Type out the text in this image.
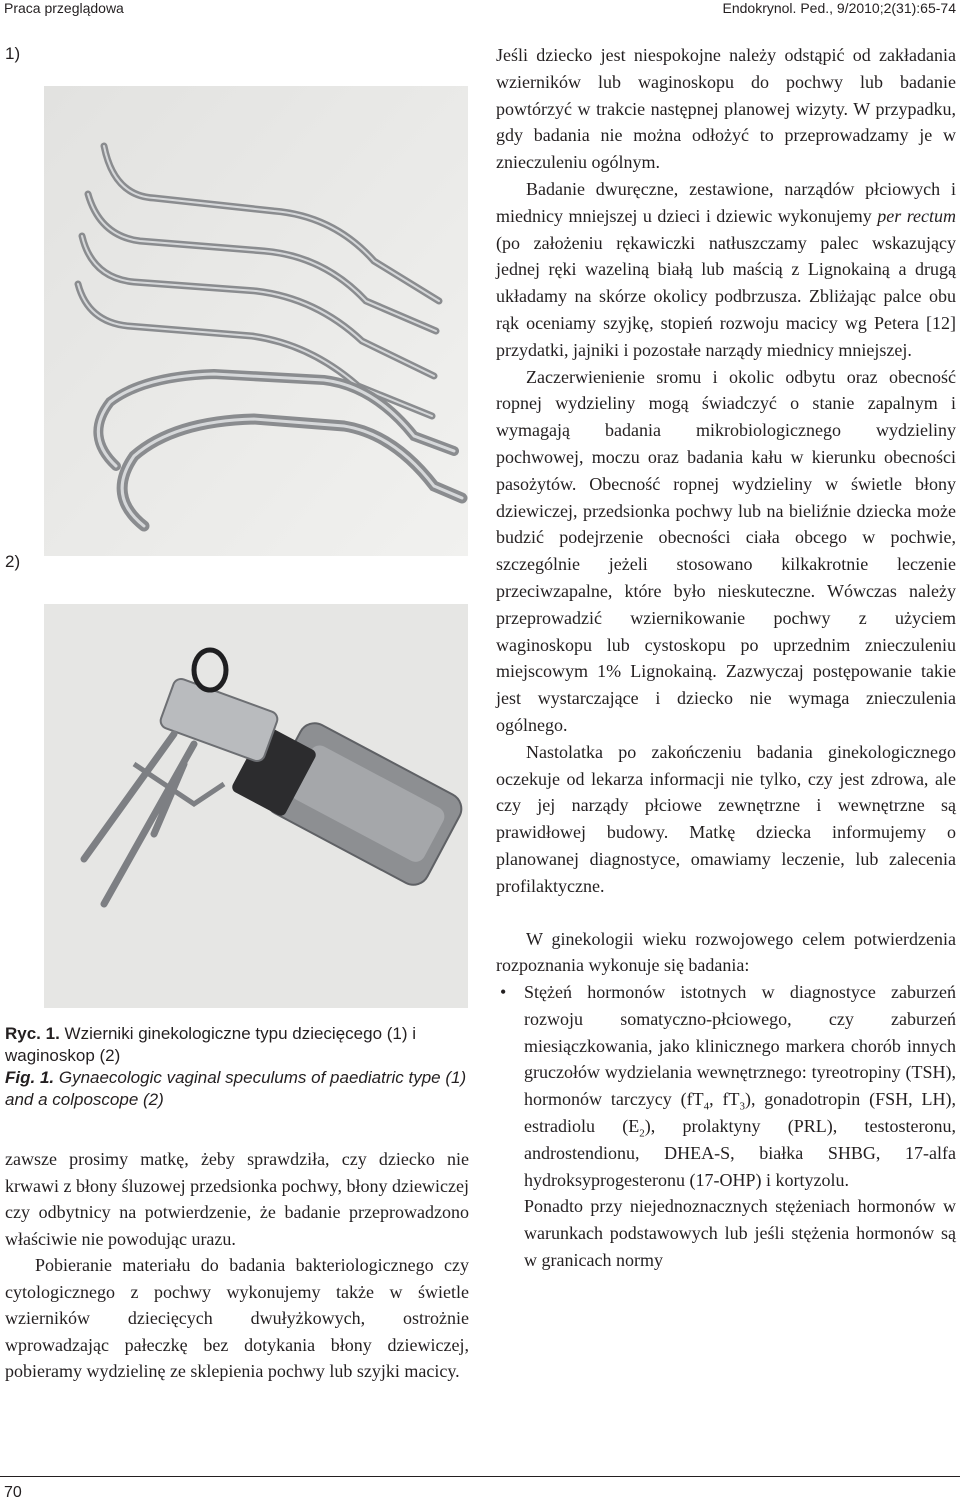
Praca przeglądowa	Endokrynol. Ped., 9/2010;2(31):65-74
1)
2)
Ryc. 1. Wzierniki ginekologiczne typu dziecięcego (1) i waginoskop (2)
Fig. 1. Gynaecologic vaginal speculums of paediatric type (1) and a colposcope (2)

zawsze prosimy matkę, żeby sprawdziła, czy dziecko nie krwawi z błony śluzowej przedsionka pochwy, błony dziewiczej czy odbytnicy na potwierdzenie, że badanie przeprowadzono właściwie nie powodując urazu.

Pobieranie materiału do badania bakteriologicznego czy cytologicznego z pochwy wykonujemy także w świetle wzierników dziecięcych dwułyżkowych, ostrożnie wprowadzając pałeczkę bez dotykania błony dziewiczej, pobieramy wydzielinę ze sklepienia pochwy lub szyjki macicy.

Jeśli dziecko jest niespokojne należy odstąpić od zakładania wzierników lub waginoskopu do pochwy lub badanie powtórzyć w trakcie następnej planowej wizyty. W przypadku, gdy badania nie można odłożyć to przeprowadzamy je w znieczuleniu ogólnym.

Badanie dwuręczne, zestawione, narządów płciowych i miednicy mniejszej u dzieci i dziewic wykonujemy per rectum (po założeniu rękawiczki natłuszczamy palec wskazujący jednej ręki wazeliną białą lub maścią z Lignokainą a drugą układamy na skórze okolicy podbrzusza. Zbliżając palce obu rąk oceniamy szyjkę, stopień rozwoju macicy wg Petera [12] przydatki, jajniki i pozostałe narządy miednicy mniejszej.

Zaczerwienienie sromu i okolic odbytu oraz obecność ropnej wydzieliny mogą świadczyć o stanie zapalnym i wymagają badania mikrobiologicznego wydzieliny pochwowej, moczu oraz badania kału w kierunku obecności pasożytów. Obecność ropnej wydzieliny w świetle błony dziewiczej, przedsionka pochwy lub na bieliźnie dziecka może budzić podejrzenie obecności ciała obcego w pochwie, szczególnie jeżeli stosowano kilkakrotnie leczenie przeciwzapalne, które było nieskuteczne. Wówczas należy przeprowadzić wziernikowanie pochwy z użyciem waginoskopu lub cystoskopu po uprzednim znieczuleniu miejscowym 1% Lignokainą. Zazwyczaj postępowanie takie jest wystarczające i dziecko nie wymaga znieczulenia ogólnego.

Nastolatka po zakończeniu badania ginekologicznego oczekuje od lekarza informacji nie tylko, czy jest zdrowa, ale czy jej narządy płciowe zewnętrzne i wewnętrzne są prawidłowej budowy. Matkę dziecka informujemy o planowanej diagnostyce, omawiamy leczenie, lub zalecenia profilaktyczne.

W ginekologii wieku rozwojowego celem potwierdzenia rozpoznania wykonuje się badania:

• Stężeń hormonów istotnych w diagnostyce zaburzeń rozwoju somatyczno-płciowego, czy zaburzeń miesiączkowania, jako klinicznego markera chorób innych gruczołów wydzielania wewnętrznego: tyreotropiny (TSH), hormonów tarczycy ($fT_4$, $fT_3$), gonadotropin (FSH, LH), estradiolu $(E_2)$, prolaktyny (PRL), testosteronu, androstendionu, DHEA-S, białka SHBG, 17-alfa hydroksyprogesteronu (17-OHP) i kortyzolu.

Ponadto przy niejednoznacznych stężeniach hormonów w warunkach podstawowych lub jeśli stężenia hormonów są w granicach normy

70
